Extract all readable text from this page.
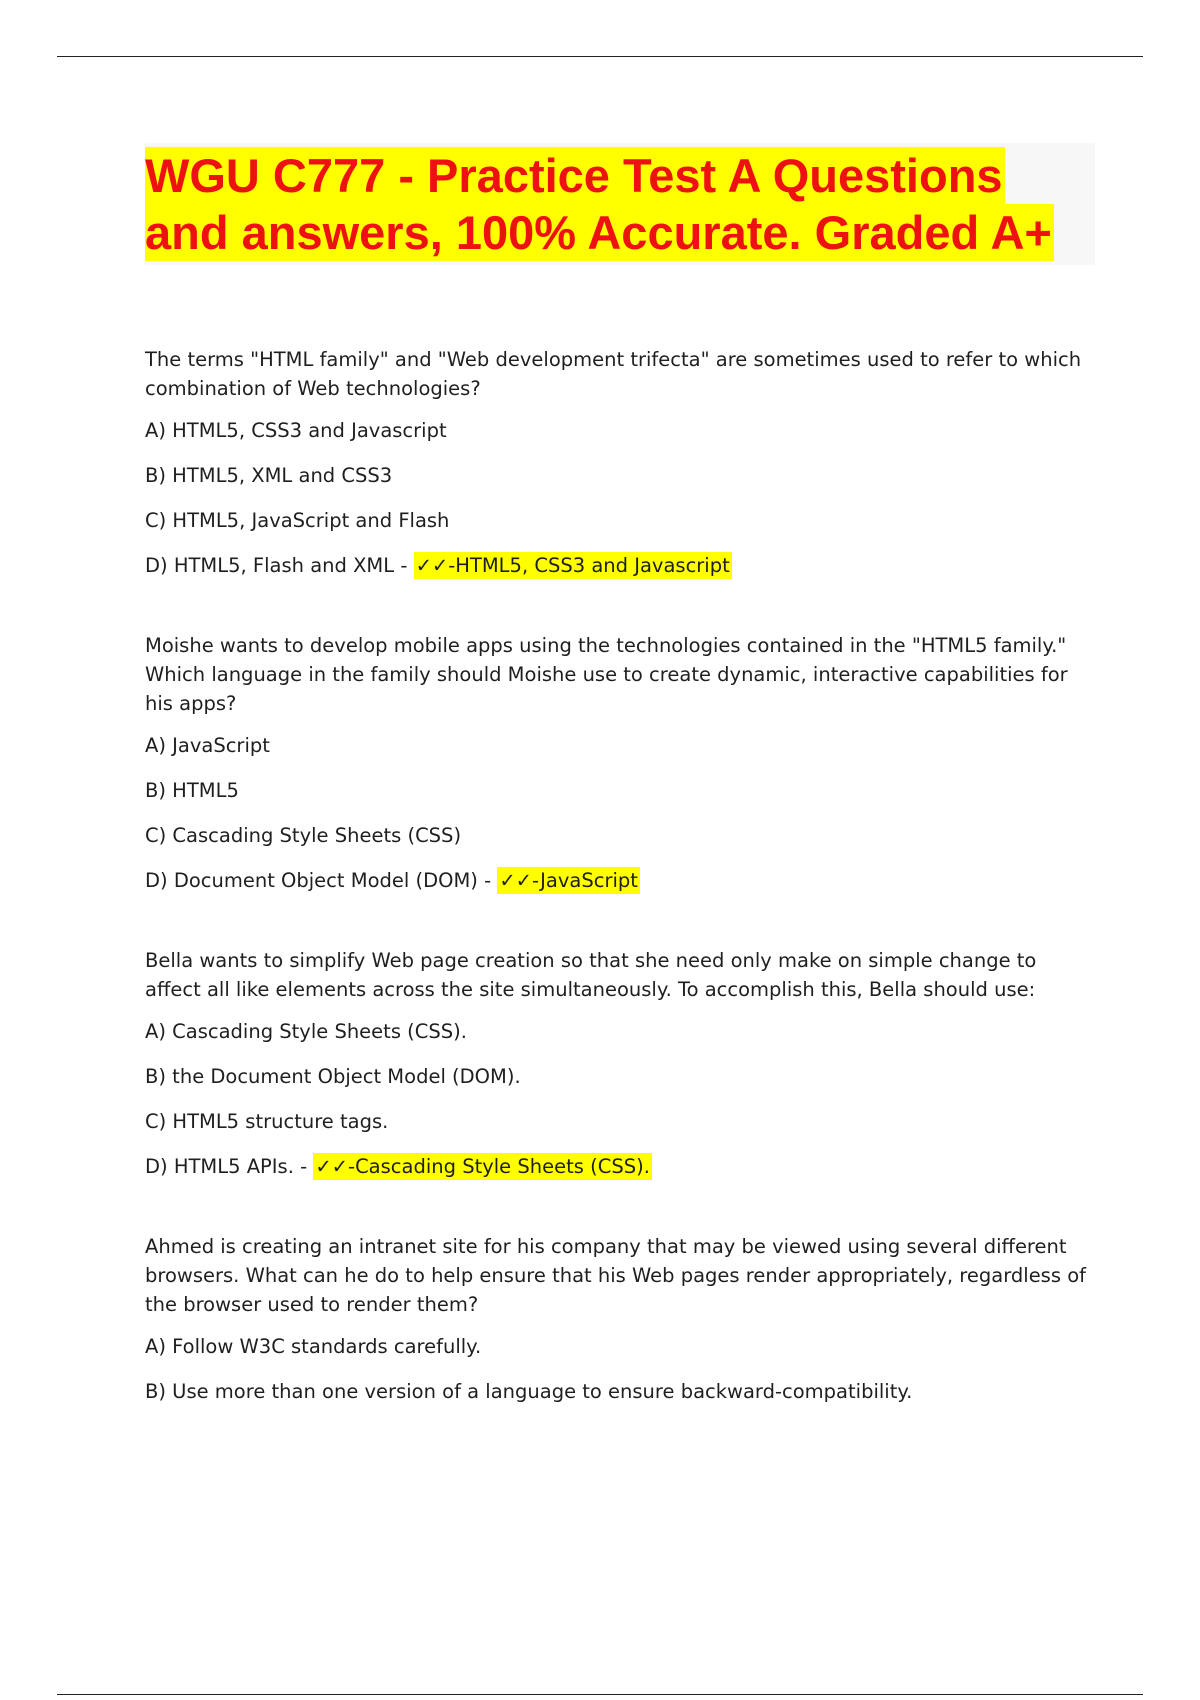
WGU C777 - Practice Test A Questions
and answers, 100% Accurate. Graded A+

The terms "HTML family" and "Web development trifecta" are sometimes used to refer to which combination of Web technologies?

A) HTML5, CSS3 and Javascript

B) HTML5, XML and CSS3

C) HTML5, JavaScript and Flash

D) HTML5, Flash and XML - ✓✓-HTML5, CSS3 and Javascript

Moishe wants to develop mobile apps using the technologies contained in the "HTML5 family." Which language in the family should Moishe use to create dynamic, interactive capabilities for his apps?

A) JavaScript

B) HTML5

C) Cascading Style Sheets (CSS)

D) Document Object Model (DOM) - ✓✓-JavaScript

Bella wants to simplify Web page creation so that she need only make on simple change to affect all like elements across the site simultaneously. To accomplish this, Bella should use:

A) Cascading Style Sheets (CSS).

B) the Document Object Model (DOM).

C) HTML5 structure tags.

D) HTML5 APIs. - ✓✓-Cascading Style Sheets (CSS).

Ahmed is creating an intranet site for his company that may be viewed using several different browsers. What can he do to help ensure that his Web pages render appropriately, regardless of the browser used to render them?

A) Follow W3C standards carefully.

B) Use more than one version of a language to ensure backward-compatibility.
